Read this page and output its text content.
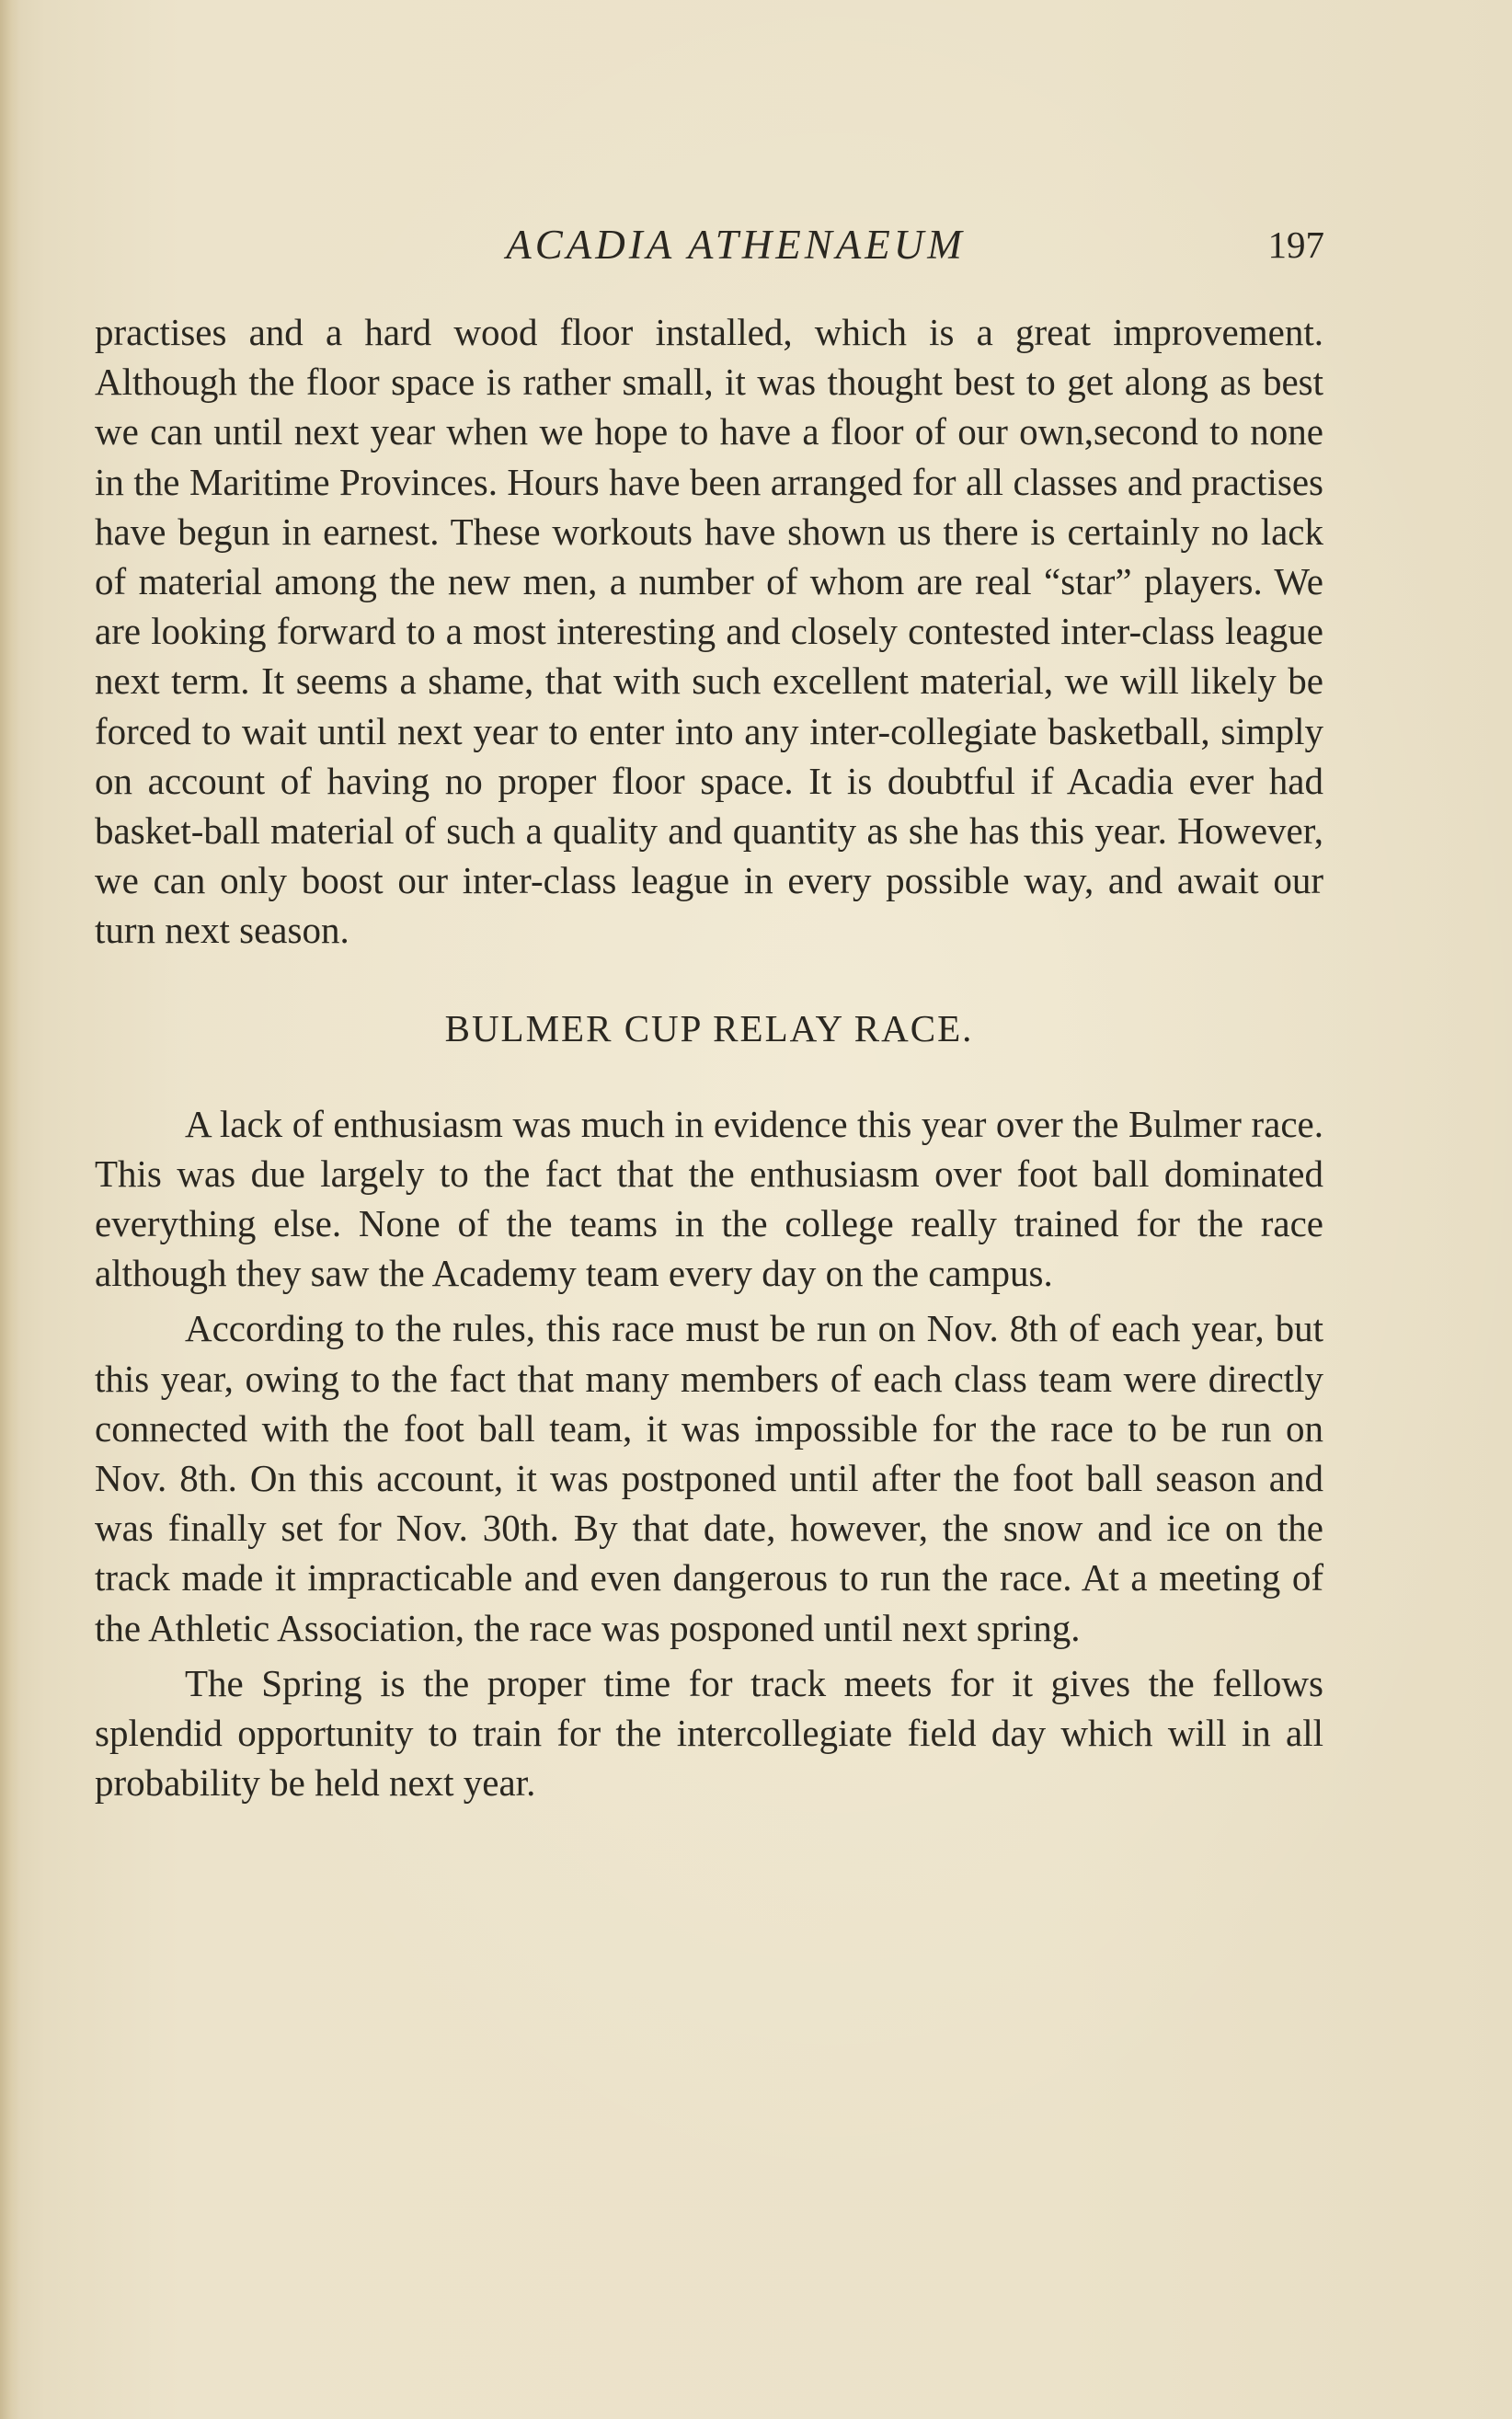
ACADIA ATHENAEUM	197

practises and a hard wood floor installed, which is a great improvement. Although the floor space is rather small, it was thought best to get along as best we can until next year when we hope to have a floor of our own,second to none in the Maritime Provinces. Hours have been arranged for all classes and practises have begun in earnest. These workouts have shown us there is certainly no lack of material among the new men, a number of whom are real “star” players. We are looking forward to a most interesting and closely contested inter-class league next term. It seems a shame, that with such excellent material, we will likely be forced to wait until next year to enter into any inter-collegiate basketball, simply on account of having no proper floor space. It is doubtful if Acadia ever had basket-ball material of such a quality and quantity as she has this year. However, we can only boost our inter-class league in every possible way, and await our turn next season.

BULMER CUP RELAY RACE.

A lack of enthusiasm was much in evidence this year over the Bulmer race. This was due largely to the fact that the enthusiasm over foot ball dominated everything else. None of the teams in the college really trained for the race although they saw the Academy team every day on the campus.

According to the rules, this race must be run on Nov. 8th of each year, but this year, owing to the fact that many members of each class team were directly connected with the foot ball team, it was impossible for the race to be run on Nov. 8th. On this account, it was postponed until after the foot ball season and was finally set for Nov. 30th. By that date, however, the snow and ice on the track made it impracticable and even dangerous to run the race. At a meeting of the Athletic Association, the race was posponed until next spring.

The Spring is the proper time for track meets for it gives the fellows splendid opportunity to train for the intercollegiate field day which will in all probability be held next year.
